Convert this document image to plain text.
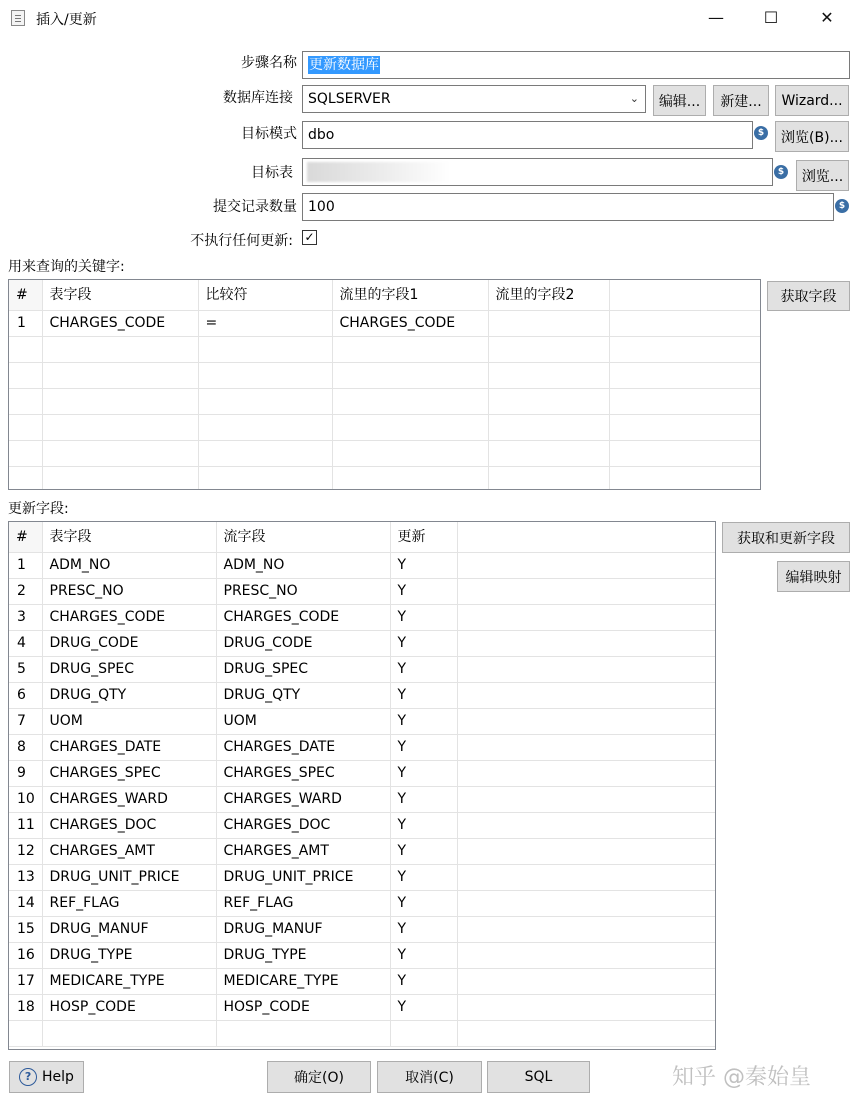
插入/更新	—	☐	✕
步骤名称 更新数据库
数据库连接	SQLSERVER	⌄	编辑...	新建...	Wizard...
目标模式 dbo	$	浏览(B)...
目标表	$	浏览...
提交记录数量 100	$
不执行任何更新: ✓
用来查询的关键字:
#	表字段	比较符	流里的字段1	流里的字段2	
1	CHARGES_CODE	=	CHARGES_CODE		

获取字段
更新字段:
#	表字段	流字段	更新	
1	ADM_NO	ADM_NO	Y	
2	PRESC_NO	PRESC_NO	Y	
3	CHARGES_CODE	CHARGES_CODE	Y	
4	DRUG_CODE	DRUG_CODE	Y	
5	DRUG_SPEC	DRUG_SPEC	Y	
6	DRUG_QTY	DRUG_QTY	Y	
7	UOM	UOM	Y	
8	CHARGES_DATE	CHARGES_DATE	Y	
9	CHARGES_SPEC	CHARGES_SPEC	Y	
10	CHARGES_WARD	CHARGES_WARD	Y	
11	CHARGES_DOC	CHARGES_DOC	Y	
12	CHARGES_AMT	CHARGES_AMT	Y	
13	DRUG_UNIT_PRICE	DRUG_UNIT_PRICE	Y	
14	REF_FLAG	REF_FLAG	Y	
15	DRUG_MANUF	DRUG_MANUF	Y	
16	DRUG_TYPE	DRUG_TYPE	Y	
17	MEDICARE_TYPE	MEDICARE_TYPE	Y	
18	HOSP_CODE	HOSP_CODE	Y	

获取和更新字段
编辑映射
? Help	确定(O)	取消(C)	SQL	知乎 @秦始皇
